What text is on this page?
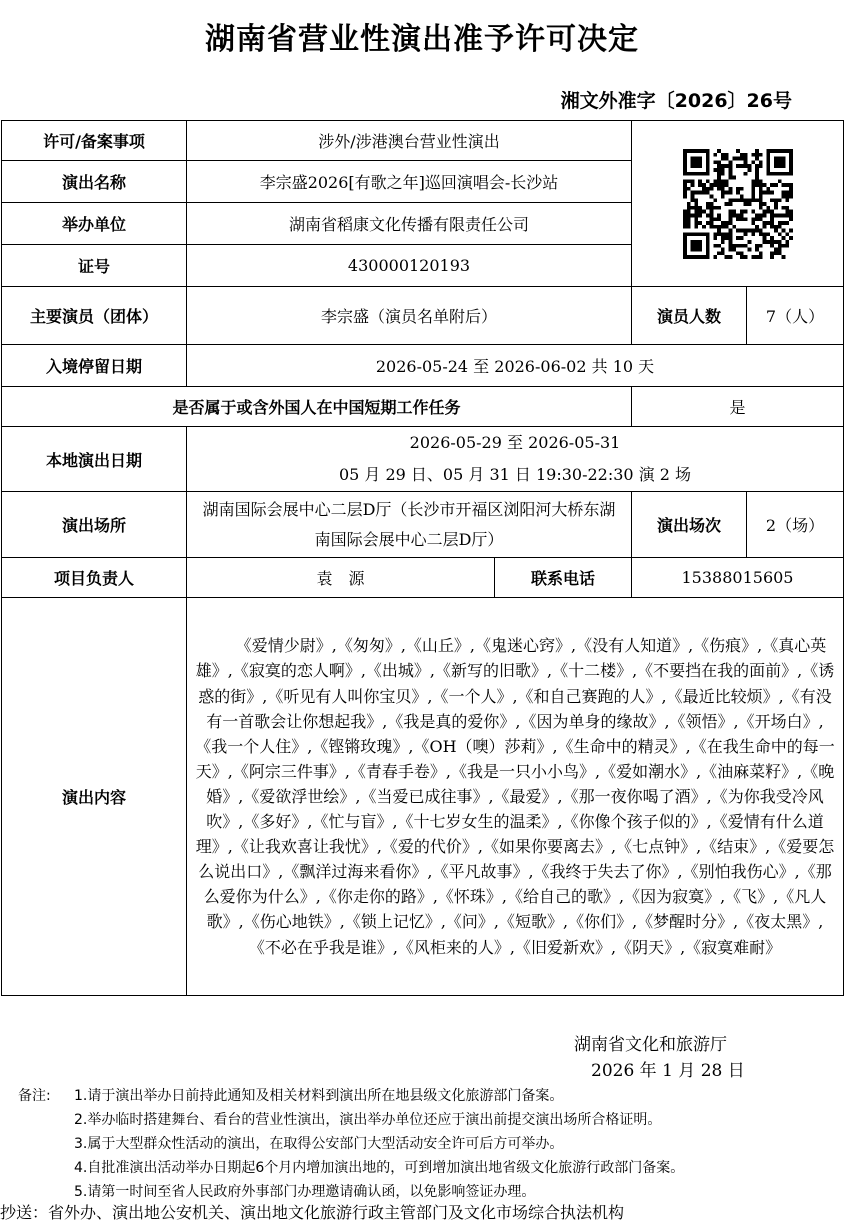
湖南省营业性演出准予许可决定
湘文外准字〔2026〕26号
许可/备案事项	涉外/涉港澳台营业性演出	

演出名称	李宗盛2026[有歌之年]巡回演唱会-长沙站			
举办单位	湖南省稻康文化传播有限责任公司			
证号	430000120193			
主要演员（团体）	李宗盛（演员名单附后）		演员人数	7（人）
入境停留日期	2026-05-24 至 2026-06-02 共 10 天			
是否属于或含外国人在中国短期工作任务			是	
本地演出日期	2026-05-29 至 2026-05-31
05 月 29 日、05 月 31 日 19:30-22:30 演 2 场			

演出场所	湖南国际会展中心二层D厅（长沙市开福区浏阳河大桥东湖南国际会展中心二层D厅）		演出场次	2（场）
项目负责人	袁　源	联系电话	15388015605	
演出内容	《爱情少尉》,《匆匆》,《山丘》,《鬼迷心窍》,《没有人知道》,《伤痕》,《真心英雄》,《寂寞的恋人啊》,《出城》,《新写的旧歌》,《十二楼》,《不要挡在我的面前》,《诱惑的街》,《听见有人叫你宝贝》,《一个人》,《和自己赛跑的人》,《最近比较烦》,《有没有一首歌会让你想起我》,《我是真的爱你》,《因为单身的缘故》,《领悟》,《开场白》,《我一个人住》,《铿锵玫瑰》,《OH（噢）莎莉》,《生命中的精灵》,《在我生命中的每一天》,《阿宗三件事》,《青春手卷》,《我是一只小小鸟》,《爱如潮水》,《油麻菜籽》,《晚婚》,《爱欲浮世绘》,《当爱已成往事》,《最爱》,《那一夜你喝了酒》,《为你我受冷风吹》,《多好》,《忙与盲》,《十七岁女生的温柔》,《你像个孩子似的》,《爱情有什么道理》,《让我欢喜让我忧》,《爱的代价》,《如果你要离去》,《七点钟》,《结束》,《爱要怎么说出口》,《飘洋过海来看你》,《平凡故事》,《我终于失去了你》,《别怕我伤心》,《那么爱你为什么》,《你走你的路》,《怀珠》,《给自己的歌》,《因为寂寞》,《飞》,《凡人歌》,《伤心地铁》,《锁上记忆》,《问》,《短歌》,《你们》,《梦醒时分》,《夜太黑》,《不必在乎我是谁》,《风柜来的人》,《旧爱新欢》,《阴天》,《寂寞难耐》			
湖南省文化和旅游厅
2026 年 1 月 28 日
备注:	1.请于演出举办日前持此通知及相关材料到演出所在地县级文化旅游部门备案。
2.举办临时搭建舞台、看台的营业性演出，演出举办单位还应于演出前提交演出场所合格证明。
3.属于大型群众性活动的演出，在取得公安部门大型活动安全许可后方可举办。
4.自批准演出活动举办日期起6个月内增加演出地的，可到增加演出地省级文化旅游行政部门备案。
5.请第一时间至省人民政府外事部门办理邀请确认函，以免影响签证办理。
抄送：省外办、演出地公安机关、演出地文化旅游行政主管部门及文化市场综合执法机构
